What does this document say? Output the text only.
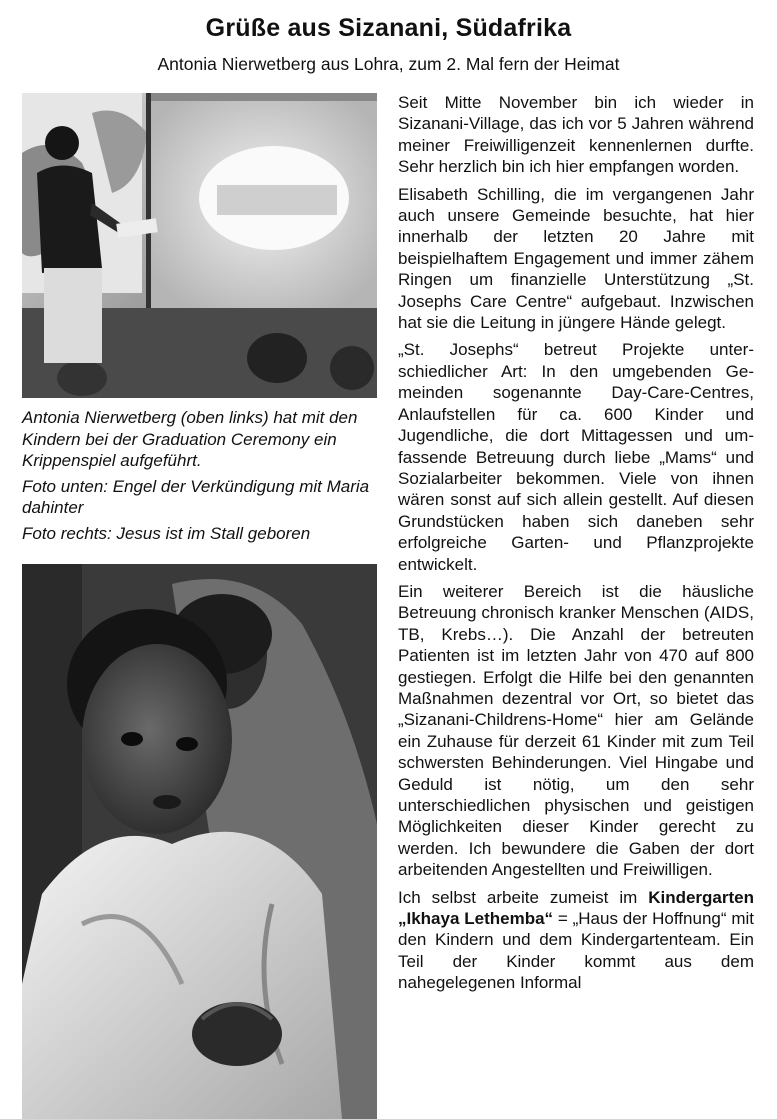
Grüße aus Sizanani, Südafrika
Antonia Nierwetberg aus Lohra, zum 2. Mal fern der Heimat

Antonia Nierwetberg (oben links) hat mit den Kindern bei der Graduation Ceremony ein Krippenspiel aufgeführt.

Foto unten: Engel der Verkündigung mit Maria dahinter

Foto rechts: Jesus ist im Stall geboren

Seit Mitte November bin ich wieder in Sizanani-Village, das ich vor 5 Jahren während meiner Freiwilligenzeit kennenlernen durfte. Sehr herzlich bin ich hier empfangen worden.

Elisabeth Schilling, die im vergangenen Jahr auch unsere Gemeinde besuchte, hat hier innerhalb der letzten 20 Jahre mit beispielhaftem Engagement und immer zähem Ringen um finanzielle Unterstützung „St. Josephs Care Centre“ aufgebaut. Inzwischen hat sie die Leitung in jüngere Hände gelegt.

„St. Josephs“ betreut Projekte unterschiedlicher Art: In den umgebenden Gemeinden sogenannte Day-Care-Centres, Anlaufstellen für ca. 600 Kinder und Jugendliche, die dort Mittagessen und umfassende Betreuung durch liebe „Mams“ und Sozialarbeiter bekommen. Viele von ihnen wären sonst auf sich allein gestellt. Auf diesen Grundstücken haben sich daneben sehr erfolgreiche Garten- und Pflanzprojekte entwickelt.

Ein weiterer Bereich ist die häusliche Betreuung chronisch kranker Menschen (AIDS, TB, Krebs…). Die Anzahl der betreuten Patienten ist im letzten Jahr von 470 auf 800 gestiegen. Erfolgt die Hilfe bei den genannten Maßnahmen dezentral vor Ort, so bietet das „Sizanani-Childrens-Home“ hier am Gelände ein Zuhause für derzeit 61 Kinder mit zum Teil schwersten Behinderungen. Viel Hingabe und Geduld ist nötig, um den sehr unterschiedlichen physischen und geistigen Möglichkeiten dieser Kinder gerecht zu werden. Ich bewundere die Gaben der dort arbeitenden Angestellten und Freiwilligen.

Ich selbst arbeite zumeist im Kindergarten „Ikhaya Lethemba“ = „Haus der Hoffnung“ mit den Kindern und dem Kindergartenteam. Ein Teil der Kinder kommt aus dem nahegelegenen Informal
